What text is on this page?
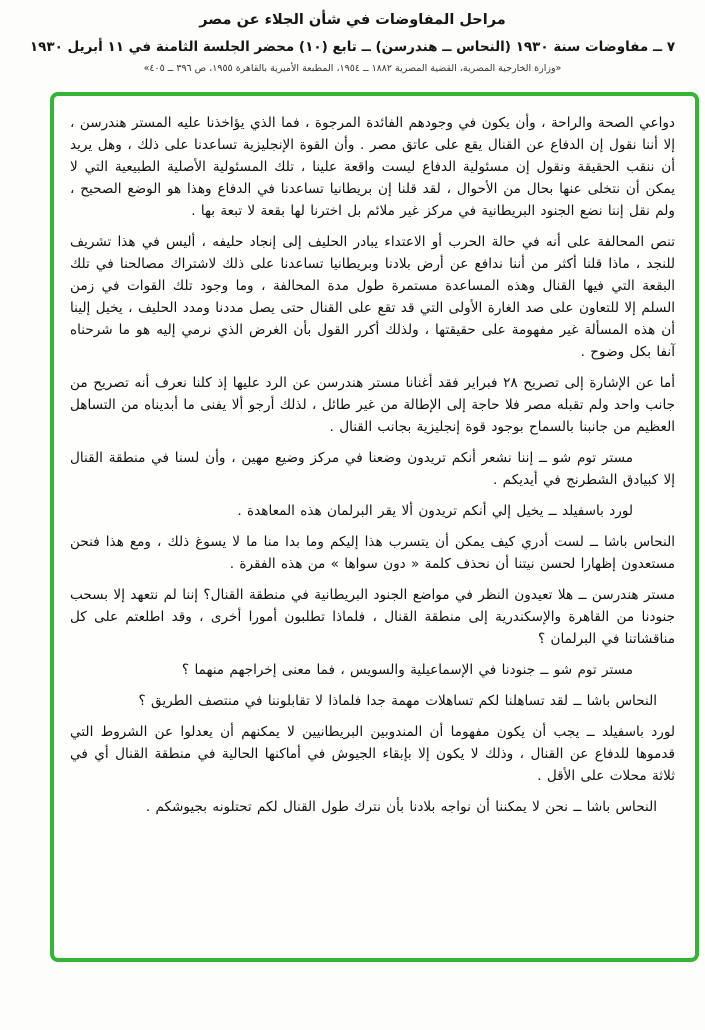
مراحل المفاوضات في شأن الجلاء عن مصر
٧ ــ مفاوضات سنة ١٩٣٠ (النحاس ــ هندرسن) ــ تابع (١٠) محضر الجلسة الثامنة في ١١ أبريل ١٩٣٠
«وزارة الخارجية المصرية، القضية المصرية ١٨٨٢ ــ ١٩٥٤، المطبعة الأميرية بالقاهرة ١٩٥٥، ص ٣٩٦ ــ ٤٠٥»
دواعي الصحة والراحة ، وأن يكون في وجودهم الفائدة المرجوة ، فما الذي يؤاخذنا عليه المستر هندرسن ، إلا أننا نقول إن الدفاع عن القنال يقع على عاتق مصر . وأن القوة الإنجليزية تساعدنا على ذلك ، وهل يريد أن ننقب الحقيقة ونقول إن مسئولية الدفاع ليست واقعة علينا ، تلك المسئولية الأصلية الطبيعية التي لا يمكن أن نتخلى عنها بحال من الأحوال ، لقد قلنا إن بريطانيا تساعدنا في الدفاع وهذا هو الوضع الصحيح ، ولم نقل إننا نضع الجنود البريطانية في مركز غير ملائم بل اخترنا لها بقعة لا تبعة بها .
تنص المحالفة على أنه في حالة الحرب أو الاعتداء يبادر الحليف إلى إنجاد حليفه ، أليس في هذا تشريف للنجد ، ماذا قلنا أكثر من أننا ندافع عن أرض بلادنا وبريطانيا تساعدنا على ذلك لاشتراك مصالحنا في تلك البقعة التي فيها القنال وهذه المساعدة مستمرة طول مدة المحالفة ، وما وجود تلك القوات في زمن السلم إلا للتعاون على صد الغارة الأولى التي قد تقع على القنال حتى يصل مددنا ومدد الحليف ، يخيل إلينا أن هذه المسألة غير مفهومة على حقيقتها ، ولذلك أكرر القول بأن الغرض الذي نرمي إليه هو ما شرحناه آنفا بكل وضوح .
أما عن الإشارة إلى تصريح ٢٨ فبراير فقد أغنانا مستر هندرسن عن الرد عليها إذ كلنا نعرف أنه تصريح من جانب واحد ولم تقبله مصر فلا حاجة إلى الإطالة من غير طائل ، لذلك أرجو ألا يفنى ما أبديناه من التساهل العظيم من جانبنا بالسماح بوجود قوة إنجليزية بجانب القنال .
مستر توم شو ــ إننا نشعر أنكم تريدون وضعنا في مركز وضيع مهين ، وأن لسنا في منطقة القنال إلا كبيادق الشطرنج في أيديكم .
لورد باسفيلد ــ يخيل إلي أنكم تريدون ألا يقر البرلمان هذه المعاهدة .
النحاس باشا ــ لست أدري كيف يمكن أن يتسرب هذا إليكم وما بدا منا ما لا يسوغ ذلك ، ومع هذا فنحن مستعدون إظهارا لحسن نيتنا أن نحذف كلمة « دون سواها » من هذه الفقرة .
مستر هندرسن ــ هلا تعيدون النظر في مواضع الجنود البريطانية في منطقة القنال؟ إننا لم نتعهد إلا بسحب جنودنا من القاهرة والإسكندرية إلى منطقة القنال ، فلماذا تطلبون أمورا أخرى ، وقد اطلعتم على كل مناقشاتنا في البرلمان ؟
مستر توم شو ــ جنودنا في الإسماعيلية والسويس ، فما معنى إخراجهم منهما ؟
النحاس باشا ــ لقد تساهلنا لكم تساهلات مهمة جدا فلماذا لا تقابلوننا في منتصف الطريق ؟
لورد باسفيلد ــ يجب أن يكون مفهوما أن المندوبين البريطانيين لا يمكنهم أن يعدلوا عن الشروط التي قدموها للدفاع عن القنال ، وذلك لا يكون إلا بإبقاء الجيوش في أماكنها الحالية في منطقة القنال أي في ثلاثة محلات على الأقل .
النحاس باشا ــ نحن لا يمكننا أن نواجه بلادنا بأن نترك طول القنال لكم تحتلونه بجيوشكم .
